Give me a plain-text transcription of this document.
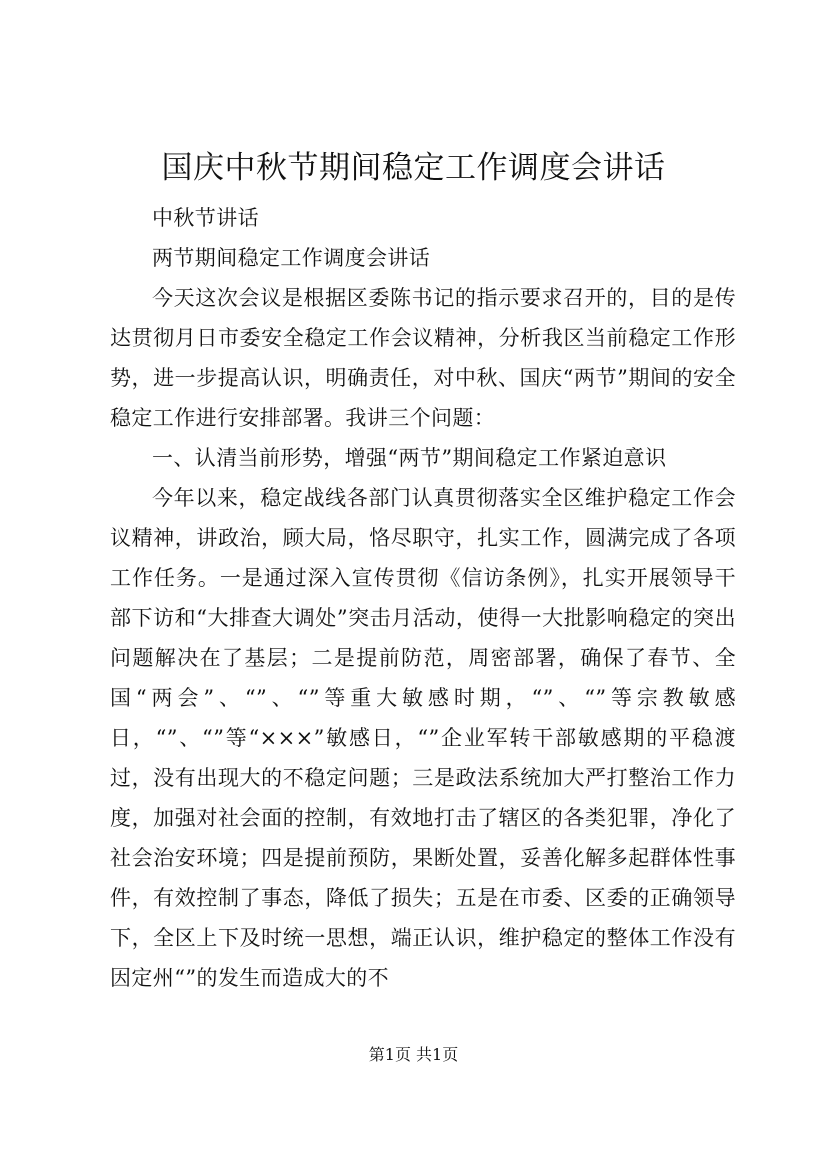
国庆中秋节期间稳定工作调度会讲话

中秋节讲话

两节期间稳定工作调度会讲话

今天这次会议是根据区委陈书记的指示要求召开的，目的是传达贯彻月日市委安全稳定工作会议精神，分析我区当前稳定工作形势，进一步提高认识，明确责任，对中秋、国庆“两节”期间的安全稳定工作进行安排部署。我讲三个问题：

一、认清当前形势，增强“两节”期间稳定工作紧迫意识

今年以来，稳定战线各部门认真贯彻落实全区维护稳定工作会议精神，讲政治，顾大局，恪尽职守，扎实工作，圆满完成了各项工作任务。一是通过深入宣传贯彻《信访条例》，扎实开展领导干部下访和“大排查大调处”突击月活动，使得一大批影响稳定的突出问题解决在了基层；二是提前防范，周密部署，确保了春节、全国“两会”、“”、“”等重大敏感时期，“”、“”等宗教敏感日，“”、“”等“×××”敏感日，“”企业军转干部敏感期的平稳渡过，没有出现大的不稳定问题；三是政法系统加大严打整治工作力度，加强对社会面的控制，有效地打击了辖区的各类犯罪，净化了社会治安环境；四是提前预防，果断处置，妥善化解多起群体性事件，有效控制了事态，降低了损失；五是在市委、区委的正确领导下，全区上下及时统一思想，端正认识，维护稳定的整体工作没有因定州“”的发生而造成大的不

第1页 共1页
